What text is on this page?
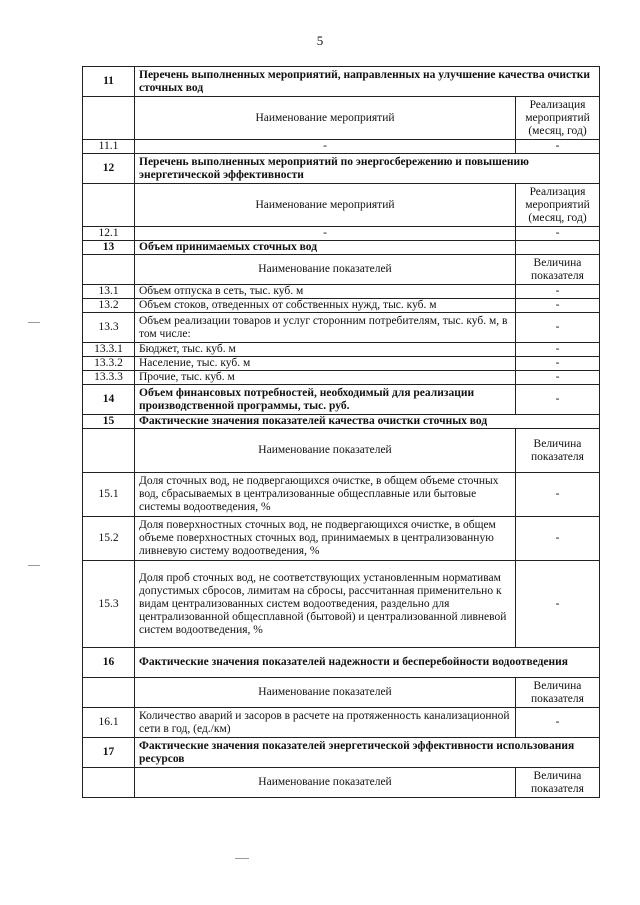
5
11	Перечень выполненных мероприятий, направленных на улучшение качества очистки сточных вод	
	Наименование мероприятий	Реализация мероприятий (месяц, год)
11.1	-	-
12	Перечень выполненных мероприятий по энергосбережению и повышению энергетической эффективности	
	Наименование мероприятий	Реализация мероприятий (месяц, год)
12.1	-	-
13	Объем принимаемых сточных вод	
	Наименование показателей	Величина показателя
13.1	Объем отпуска в сеть, тыс. куб. м	-
13.2	Объем стоков, отведенных от собственных нужд, тыс. куб. м	-
13.3	Объем реализации товаров и услуг сторонним потребителям, тыс. куб. м, в том числе:	-
13.3.1	Бюджет, тыс. куб. м	-
13.3.2	Население, тыс. куб. м	-
13.3.3	Прочие, тыс. куб. м	-
14	Объем финансовых потребностей, необходимый для реализации производственной программы, тыс. руб.	-
15	Фактические значения показателей качества очистки сточных вод	
	Наименование показателей	Величина показателя
15.1	Доля сточных вод, не подвергающихся очистке, в общем объеме сточных вод, сбрасываемых в централизованные общесплавные или бытовые системы водоотведения, %	-
15.2	Доля поверхностных сточных вод, не подвергающихся очистке, в общем объеме поверхностных сточных вод, принимаемых в централизованную ливневую систему водоотведения, %	-
15.3	Доля проб сточных вод, не соответствующих установленным нормативам допустимых сбросов, лимитам на сбросы, рассчитанная применительно к видам централизованных систем водоотведения, раздельно для централизованной общесплавной (бытовой) и централизованной ливневой систем водоотведения, %	-
16	Фактические значения показателей надежности и бесперебойности водоотведения	
	Наименование показателей	Величина показателя
16.1	Количество аварий и засоров в расчете на протяженность канализационной сети в год, (ед./км)	-
17	Фактические значения показателей энергетической эффективности использования ресурсов	
	Наименование показателей	Величина показателя
